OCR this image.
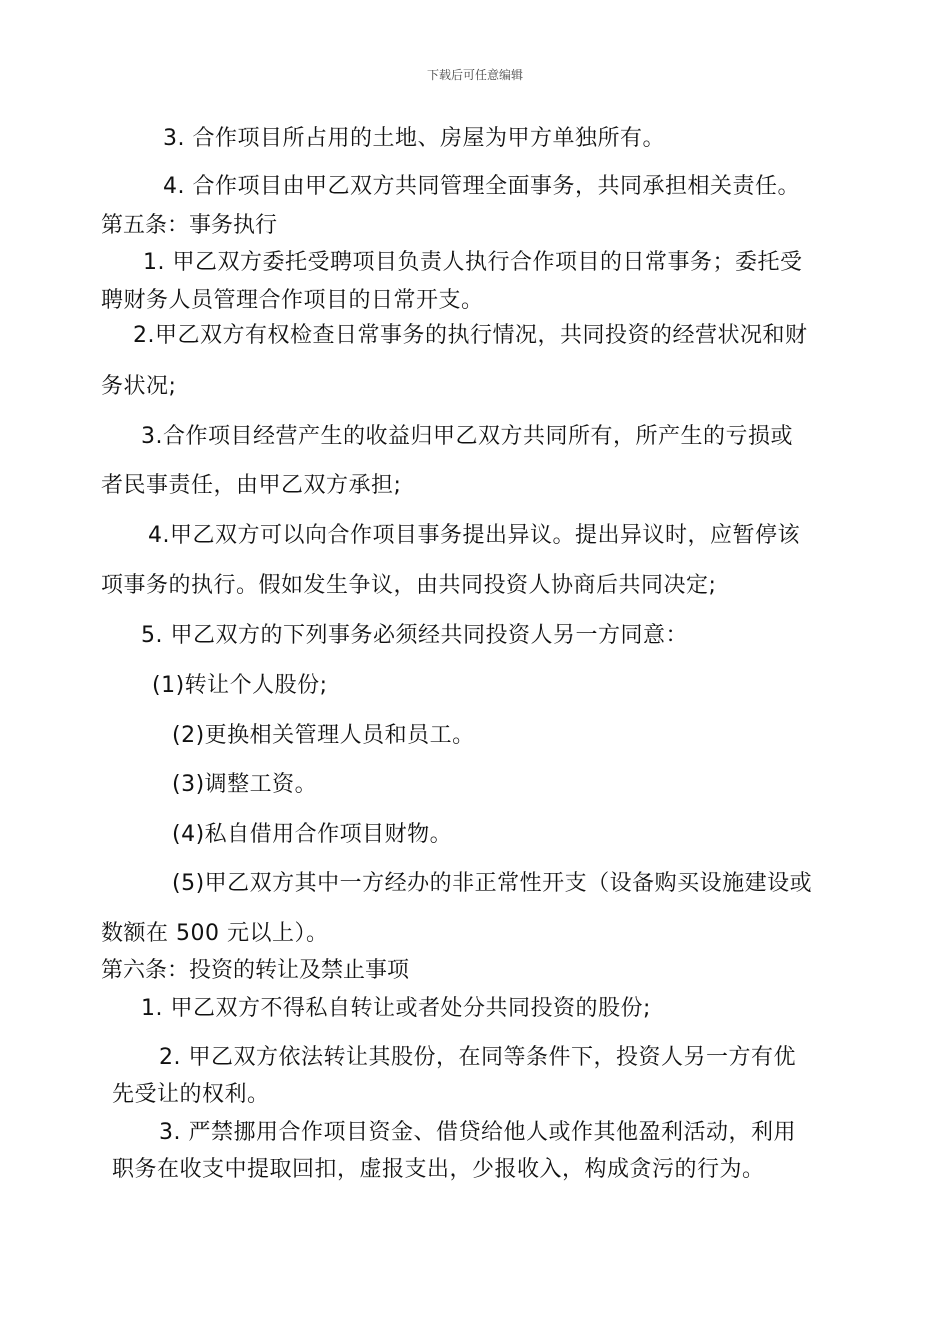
下载后可任意编辑
3. 合作项目所占用的土地、房屋为甲方单独所有。
4. 合作项目由甲乙双方共同管理全面事务，共同承担相关责任。
第五条：事务执行
1. 甲乙双方委托受聘项目负责人执行合作项目的日常事务；委托受
聘财务人员管理合作项目的日常开支。
2.甲乙双方有权检查日常事务的执行情况，共同投资的经营状况和财
务状况;
3.合作项目经营产生的收益归甲乙双方共同所有，所产生的亏损或
者民事责任，由甲乙双方承担;
4.甲乙双方可以向合作项目事务提出异议。提出异议时，应暂停该
项事务的执行。假如发生争议，由共同投资人协商后共同决定;
5. 甲乙双方的下列事务必须经共同投资人另一方同意：
(1)转让个人股份;
(2)更换相关管理人员和员工。
(3)调整工资。
(4)私自借用合作项目财物。
(5)甲乙双方其中一方经办的非正常性开支（设备购买设施建设或
数额在 500 元以上）。
第六条：投资的转让及禁止事项
1. 甲乙双方不得私自转让或者处分共同投资的股份;
2. 甲乙双方依法转让其股份，在同等条件下，投资人另一方有优
先受让的权利。
3. 严禁挪用合作项目资金、借贷给他人或作其他盈利活动，利用
职务在收支中提取回扣，虚报支出，少报收入，构成贪污的行为。
